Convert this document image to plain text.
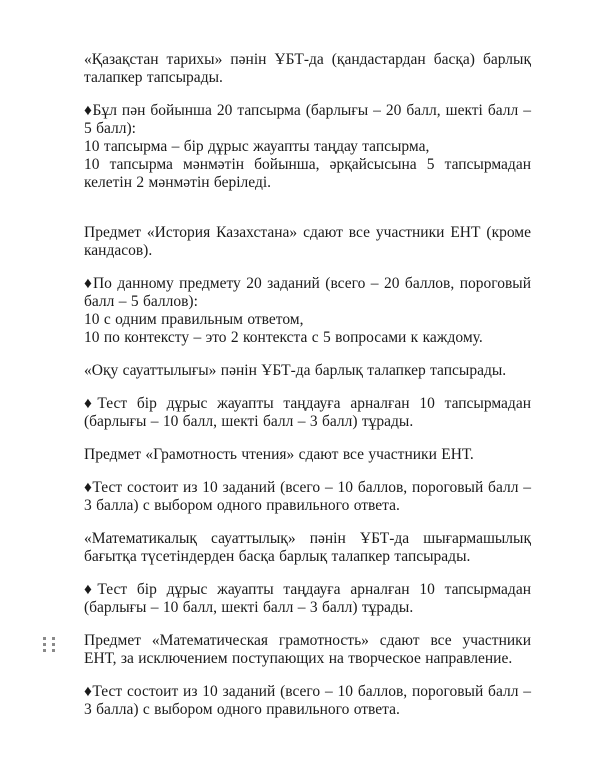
«Қазақстан тарихы» пәнін ҰБТ-да (қандастардан басқа) барлық талапкер тапсырады.

♦Бұл пән бойынша 20 тапсырма (барлығы – 20 балл, шекті балл – 5 балл):

10 тапсырма – бір дұрыс жауапты таңдау тапсырма,

10 тапсырма мәнмәтін бойынша, әрқайсысына 5 тапсырмадан келетін 2 мәнмәтін беріледі.

Предмет «История Казахстана» сдают все участники ЕНТ (кроме кандасов).

♦По данному предмету 20 заданий (всего – 20 баллов, пороговый балл – 5 баллов):

10 с одним правильным ответом,

10 по контексту – это 2 контекста с 5 вопросами к каждому.

«Оқу сауаттылығы» пәнін ҰБТ-да барлық талапкер тапсырады.

♦Тест бір дұрыс жауапты таңдауға арналған 10 тапсырмадан (барлығы – 10 балл, шекті балл – 3 балл) тұрады.

Предмет «Грамотность чтения» сдают все участники ЕНТ.

♦Тест состоит из 10 заданий (всего – 10 баллов, пороговый балл – 3 балла) с выбором одного правильного ответа.

«Математикалық сауаттылық» пәнін ҰБТ-да шығармашылық бағытқа түсетіндерден басқа барлық талапкер тапсырады.

♦Тест бір дұрыс жауапты таңдауға арналған 10 тапсырмадан (барлығы – 10 балл, шекті балл – 3 балл) тұрады.

Предмет «Математическая грамотность» сдают все участники ЕНТ, за исключением поступающих на творческое направление.

♦Тест состоит из 10 заданий (всего – 10 баллов, пороговый балл – 3 балла) с выбором одного правильного ответа.
